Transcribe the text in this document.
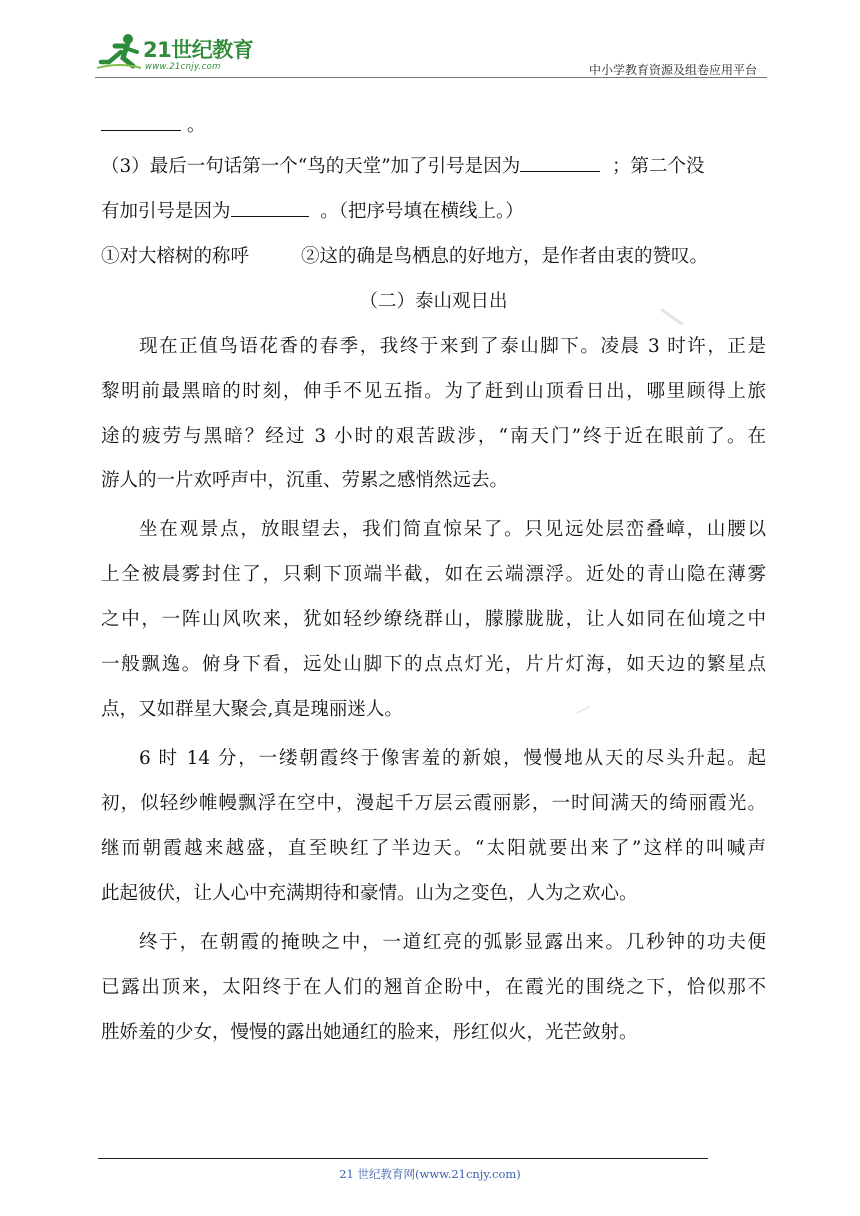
21世纪教育
www.21cnjy.com	中小学教育资源及组卷应用平台
。
（3）最后一句话第一个“鸟的天堂”加了引号是因为	；第二个没
有加引号是因为	。（把序号填在横线上。）
①对大榕树的称呼	②这的确是鸟栖息的好地方，是作者由衷的赞叹。
（二）泰山观日出
现在正值鸟语花香的春季，我终于来到了泰山脚下。凌晨 3 时许，正是
黎明前最黑暗的时刻，伸手不见五指。为了赶到山顶看日出，哪里顾得上旅
途的疲劳与黑暗？经过 3 小时的艰苦跋涉，“南天门”终于近在眼前了。在
游人的一片欢呼声中，沉重、劳累之感悄然远去。
坐在观景点，放眼望去，我们简直惊呆了。只见远处层峦叠嶂，山腰以
上全被晨雾封住了，只剩下顶端半截，如在云端漂浮。近处的青山隐在薄雾
之中，一阵山风吹来，犹如轻纱缭绕群山，朦朦胧胧，让人如同在仙境之中
一般飘逸。俯身下看，远处山脚下的点点灯光，片片灯海，如天边的繁星点
点，又如群星大聚会,真是瑰丽迷人。
6 时 14 分，一缕朝霞终于像害羞的新娘，慢慢地从天的尽头升起。起
初，似轻纱帷幔飘浮在空中，漫起千万层云霞丽影，一时间满天的绮丽霞光。
继而朝霞越来越盛，直至映红了半边天。“太阳就要出来了”这样的叫喊声
此起彼伏，让人心中充满期待和豪情。山为之变色，人为之欢心。
终于，在朝霞的掩映之中，一道红亮的弧影显露出来。几秒钟的功夫便
已露出顶来，太阳终于在人们的翘首企盼中，在霞光的围绕之下，恰似那不
胜娇羞的少女，慢慢的露出她通红的脸来，彤红似火，光芒敛射。
21 世纪教育网(www.21cnjy.com)
